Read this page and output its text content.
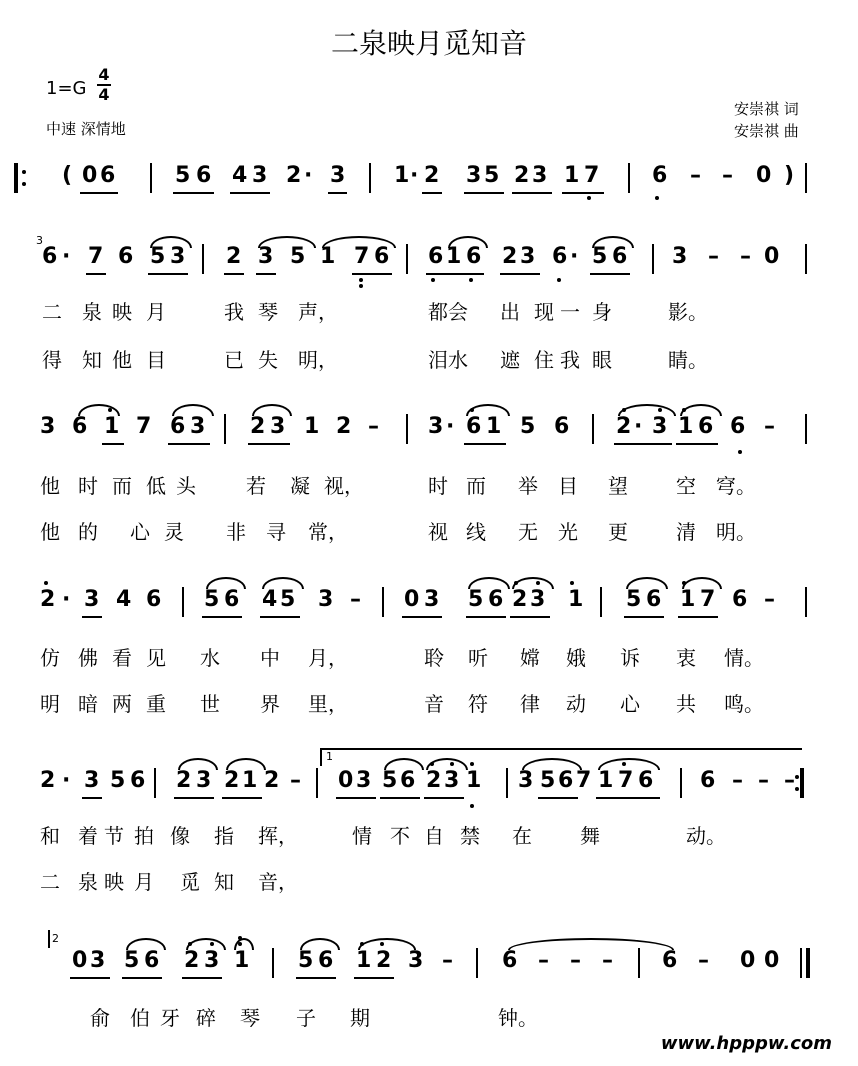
二泉映月觅知音
1=G
4
4
中速 深情地
安崇祺 词
安崇祺 曲
( 0 6	5 6 4 3 2 · 3 1 · 2 3 5 2 3 1 7 6 – – 0 )
3
6 · 7 6 5 3 2 3 5 1 7 6 6 1 6 2 3 6 · 5 6 3 – – 0
二 泉 映 月	我 琴 声，	都 会 出 现 一 身	影。
得 知 他 目	已 失 明，	泪 水 遮 住 我 眼	睛。
3 6 1 7 6 3 2 3 1 2 – 3 · 6 1 5 6 2 · 3 1 6 6 –
他 时 而 低 头	若 凝 视，	时 而 举 目 望 空 穹。
他 的 心 灵 非 寻 常，	视 线 无 光 更 清 明。
2 · 3 4 6 5 6 4 5 3 – 0 3 5 6 2 3 1 5 6 1 7 6 –
仿 佛 看 见 水 中 月，	聆 听 嫦 娥 诉 衷 情。
明 暗 两 重 世 界 里，	音 符 律 动 心 共 鸣。
2 · 3 5 6 2 3 2 1 2 – 0 3 5 6 2 3 1 3 5 6 7 1 7 6 6 – – –
1
和 着 节 拍 像 指 挥，	情 不 自 禁 在 舞	动。
二 泉 映 月 觅 知 音，
2
0 3 5 6 2 3 1 5 6 1 2 3 – 6 – – – 6 – 0 0
俞 伯 牙 碎 琴 子 期	钟。
www.hpppw.com
